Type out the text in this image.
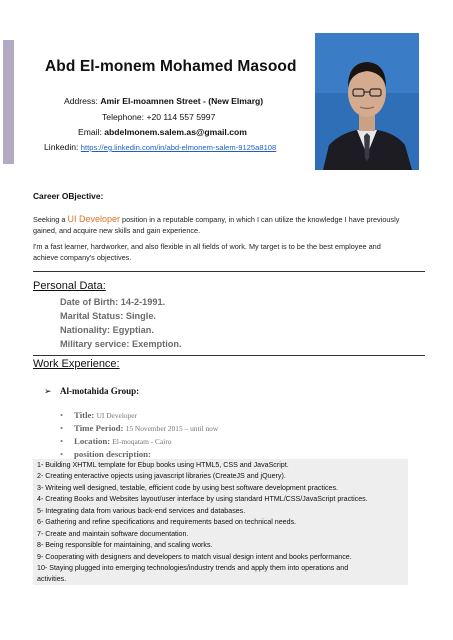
Abd El-monem Mohamed Masood
Address: Amir El-moamnen Street - (New Elmarg)
Telephone: +20 114 557 5997
Email: abdelmonem.salem.as@gmail.com
Linkedin: https://eg.linkedin.com/in/abd-elmonem-salem-9125a8108
Career OBjective:
Seeking a UI Developer position in a reputable company, in which I can utilize the knowledge I have previously
gained, and acquire new skills and gain experience.
I'm a fast learner, hardworker, and also flexible in all fields of work. My target is to be the best employee and
achieve company's objectives.
Personal Data:
Date of Birth: 14-2-1991.
Marital Status: Single.
Nationality: Egyptian.
Military service: Exemption.
Work Experience:
➢ Al-motahida Group:
• Title: UI Developer
• Time Period: 15 November 2015 – until now
• Location: El-moqatam - Cairo
• position description:
1- Building XHTML template for Ebup books using HTML5, CSS and JavaScript.
2- Creating enteractive opjects using javascript libraries (CreateJS and jQuery).
3- Writeing well designed, testable, efficient code by using best software development practices.
4- Creating Books and Websites layout/user interface by using standard HTML/CSS/JavaScript practices.
5- Integrating data from various back-end services and databases.
6- Gathering and refine specifications and requirements based on technical needs.
7- Create and maintain software documentation.
8- Being responsible for maintaining, and scaling works.
9- Cooperating with designers and developers to match visual design intent and books performance.
10- Staying plugged into emerging technologies/industry trends and apply them into operations and
activities.
